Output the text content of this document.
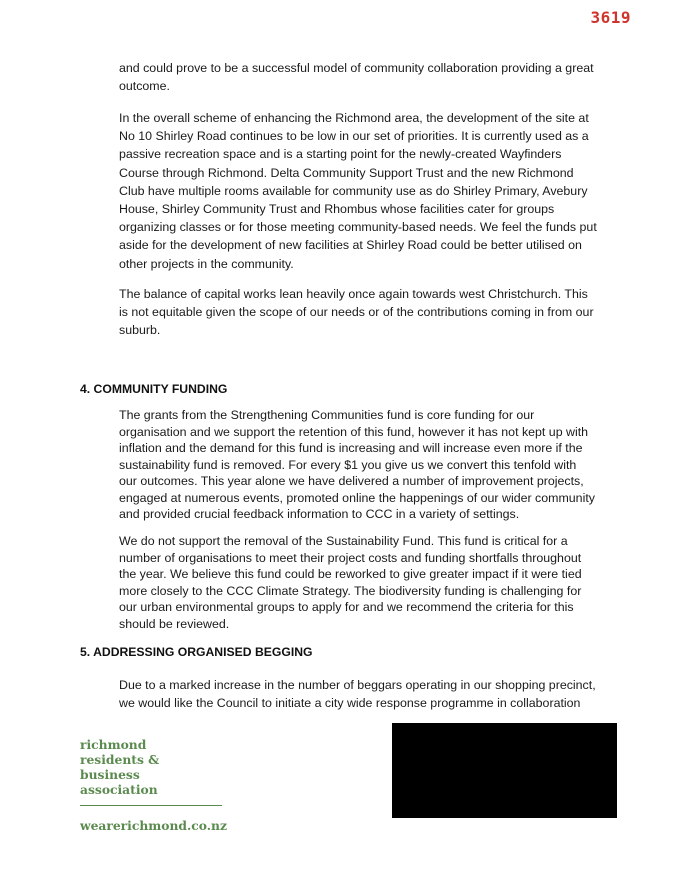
3619

and could prove to be a successful model of community collaboration providing a great outcome.

In the overall scheme of enhancing the Richmond area, the development of the site at No 10 Shirley Road continues to be low in our set of priorities. It is currently used as a passive recreation space and is a starting point for the newly-created Wayfinders Course through Richmond. Delta Community Support Trust and the new Richmond Club have multiple rooms available for community use as do Shirley Primary, Avebury House, Shirley Community Trust and Rhombus whose facilities cater for groups organizing classes or for those meeting community-based needs. We feel the funds put aside for the development of new facilities at Shirley Road could be better utilised on other projects in the community.

The balance of capital works lean heavily once again towards west Christchurch. This is not equitable given the scope of our needs or of the contributions coming in from our suburb.

4. COMMUNITY FUNDING

The grants from the Strengthening Communities fund is core funding for our organisation and we support the retention of this fund, however it has not kept up with inflation and the demand for this fund is increasing and will increase even more if the sustainability fund is removed. For every $1 you give us we convert this tenfold with our outcomes. This year alone we have delivered a number of improvement projects, engaged at numerous events, promoted online the happenings of our wider community and provided crucial feedback information to CCC in a variety of settings.

We do not support the removal of the Sustainability Fund. This fund is critical for a number of organisations to meet their project costs and funding shortfalls throughout the year. We believe this fund could be reworked to give greater impact if it were tied more closely to the CCC Climate Strategy. The biodiversity funding is challenging for our urban environmental groups to apply for and we recommend the criteria for this should be reviewed.

5. ADDRESSING ORGANISED BEGGING

Due to a marked increase in the number of beggars operating in our shopping precinct, we would like the Council to initiate a city wide response programme in collaboration

richmond
residents &
business
association
wearerichmond.co.nz
